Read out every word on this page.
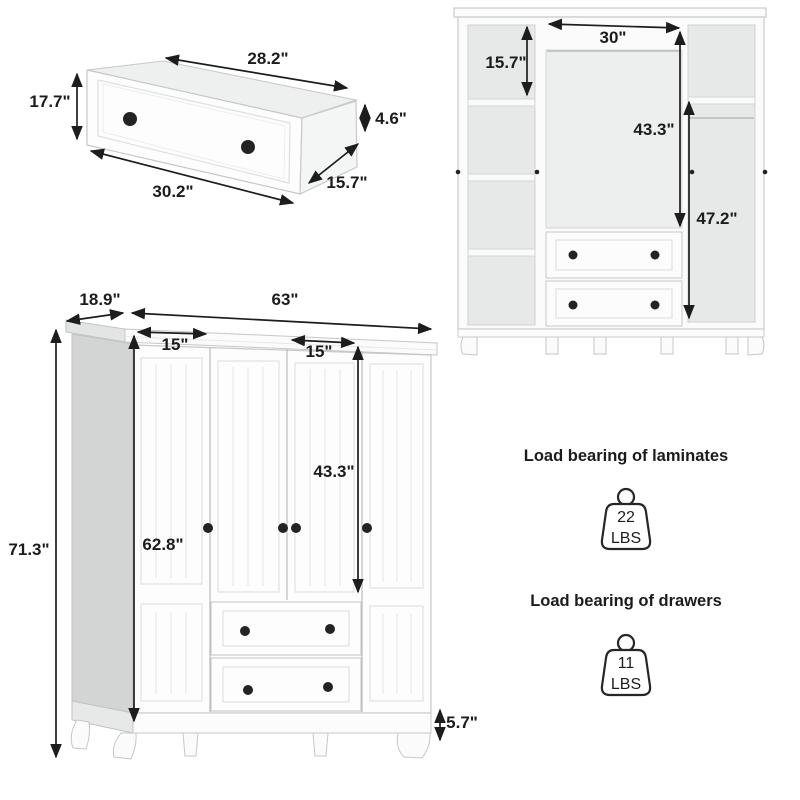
28.2"
17.7"
4.6"
30.2"	15.7"
30"
15.7"
43.3"
47.2"
18.9"	63"
15"	15"
62.8"
43.3"
71.3"
5.7"
Load bearing of laminates
22
LBS
Load bearing of drawers
11
LBS
